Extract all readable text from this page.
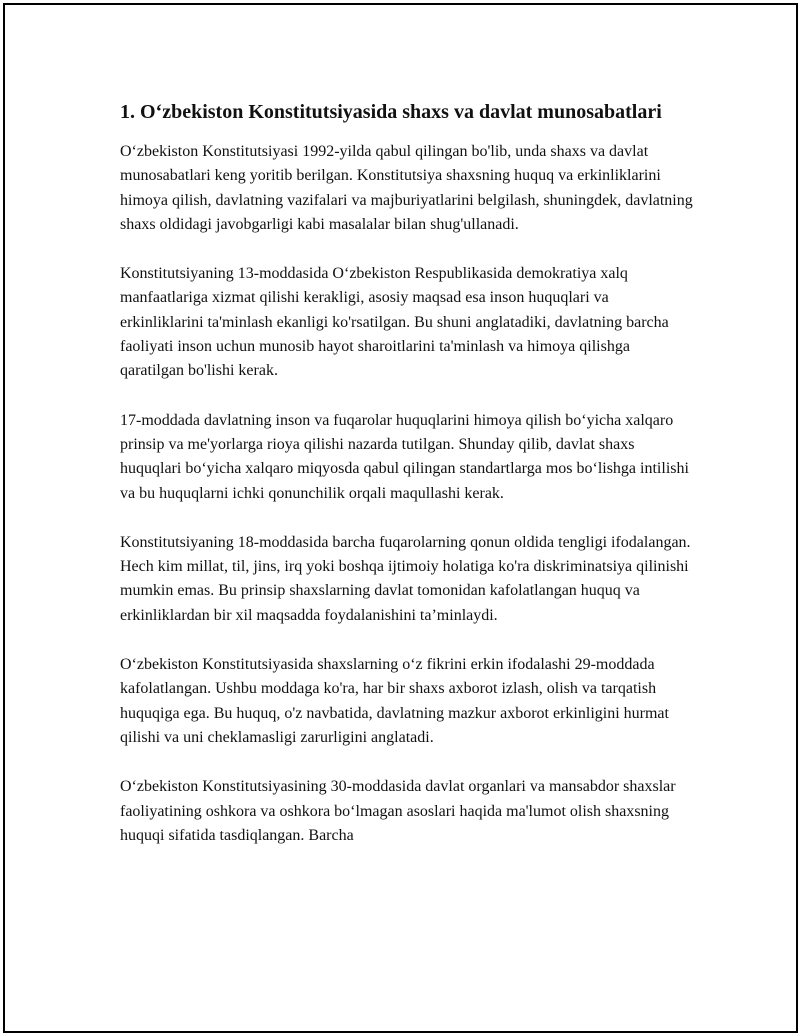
1. O‘zbekiston Konstitutsiyasida shaxs va davlat munosabatlari

O‘zbekiston Konstitutsiyasi 1992-yilda qabul qilingan bo'lib, unda shaxs va davlat munosabatlari keng yoritib berilgan. Konstitutsiya shaxsning huquq va erkinliklarini himoya qilish, davlatning vazifalari va majburiyatlarini belgilash, shuningdek, davlatning shaxs oldidagi javobgarligi kabi masalalar bilan shug'ullanadi.

Konstitutsiyaning 13-moddasida O‘zbekiston Respublikasida demokratiya xalq manfaatlariga xizmat qilishi kerakligi, asosiy maqsad esa inson huquqlari va erkinliklarini ta'minlash ekanligi ko'rsatilgan. Bu shuni anglatadiki, davlatning barcha faoliyati inson uchun munosib hayot sharoitlarini ta'minlash va himoya qilishga qaratilgan bo'lishi kerak.

17-moddada davlatning inson va fuqarolar huquqlarini himoya qilish bo‘yicha xalqaro prinsip va me'yorlarga rioya qilishi nazarda tutilgan. Shunday qilib, davlat shaxs huquqlari bo‘yicha xalqaro miqyosda qabul qilingan standartlarga mos bo‘lishga intilishi va bu huquqlarni ichki qonunchilik orqali maqullashi kerak.

Konstitutsiyaning 18-moddasida barcha fuqarolarning qonun oldida tengligi ifodalangan. Hech kim millat, til, jins, irq yoki boshqa ijtimoiy holatiga ko'ra diskriminatsiya qilinishi mumkin emas. Bu prinsip shaxslarning davlat tomonidan kafolatlangan huquq va erkinliklardan bir xil maqsadda foydalanishini ta’minlaydi.

O‘zbekiston Konstitutsiyasida shaxslarning o‘z fikrini erkin ifodalashi 29-moddada kafolatlangan. Ushbu moddaga ko'ra, har bir shaxs axborot izlash, olish va tarqatish huquqiga ega. Bu huquq, o'z navbatida, davlatning mazkur axborot erkinligini hurmat qilishi va uni cheklamasligi zarurligini anglatadi.

O‘zbekiston Konstitutsiyasining 30-moddasida davlat organlari va mansabdor shaxslar faoliyatining oshkora va oshkora bo‘lmagan asoslari haqida ma'lumot olish shaxsning huquqi sifatida tasdiqlangan. Barcha
